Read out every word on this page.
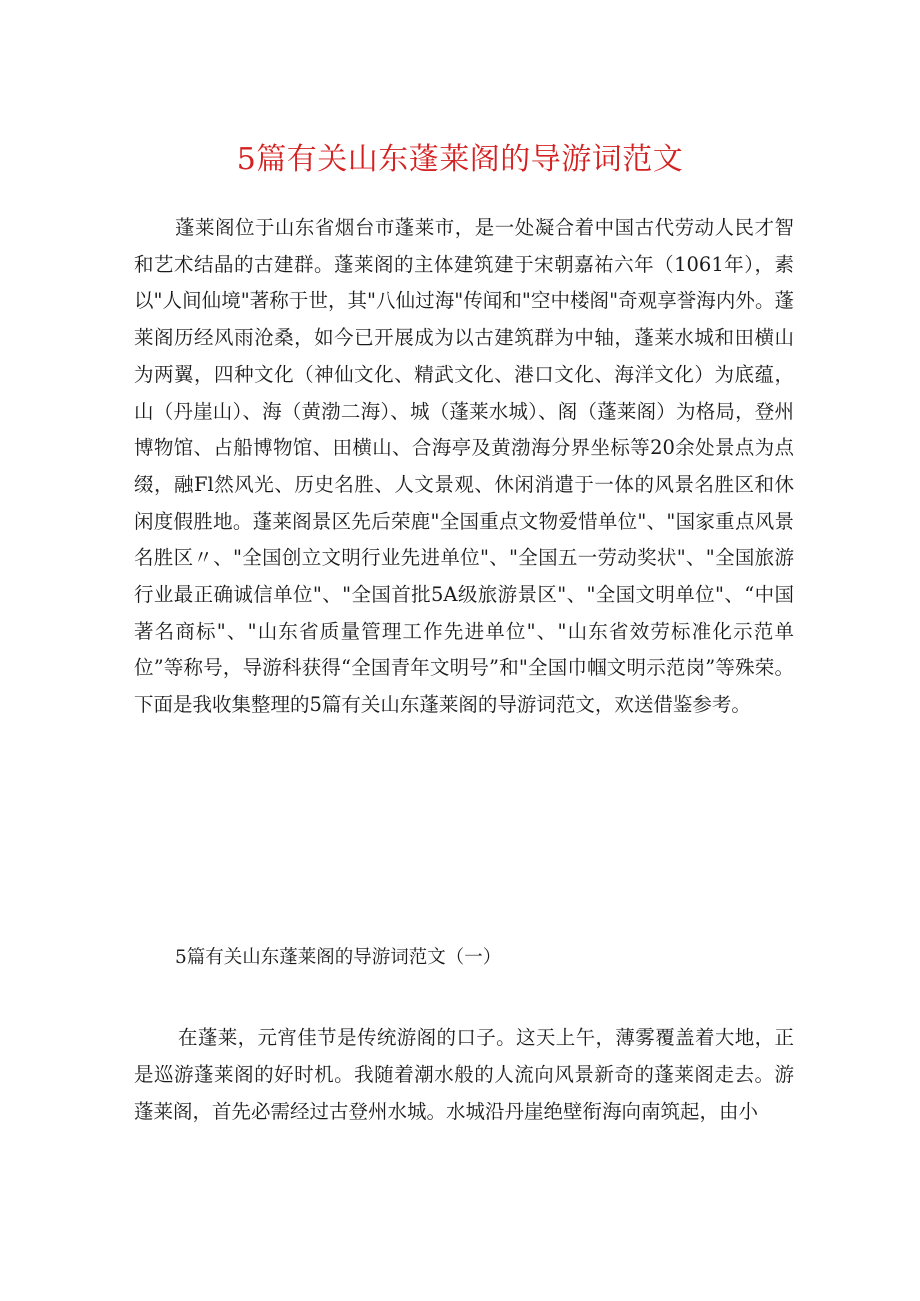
5篇有关山东蓬莱阁的导游词范文

蓬莱阁位于山东省烟台市蓬莱市，是一处凝合着中国古代劳动人民才智和艺术结晶的古建群。蓬莱阁的主体建筑建于宋朝嘉祐六年（1061年），素以"人间仙境"著称于世，其"八仙过海"传闻和"空中楼阁"奇观享誉海内外。蓬莱阁历经风雨沧桑，如今已开展成为以古建筑群为中轴，蓬莱水城和田横山为两翼，四种文化（神仙文化、精武文化、港口文化、海洋文化）为底蕴，山（丹崖山）、海（黄渤二海）、城（蓬莱水城）、阁（蓬莱阁）为格局，登州博物馆、占船博物馆、田横山、合海亭及黄渤海分界坐标等20余处景点为点缀，融Fl然风光、历史名胜、人文景观、休闲消遣于一体的风景名胜区和休闲度假胜地。蓬莱阁景区先后荣鹿"全国重点文物爱惜单位"、"国家重点风景名胜区〃、"全国创立文明行业先进单位"、"全国五一劳动奖状"、"全国旅游行业最正确诚信单位"、"全国首批5A级旅游景区"、"全国文明单位"、“中国著名商标"、"山东省质量管理工作先进单位"、"山东省效劳标准化示范单位”等称号，导游科获得“全国青年文明号”和"全国巾帼文明示范岗”等殊荣。下面是我收集整理的5篇有关山东蓬莱阁的导游词范文，欢送借鉴参考。

5篇有关山东蓬莱阁的导游词范文（一）

在蓬莱，元宵佳节是传统游阁的口子。这天上午，薄雾覆盖着大地，正是巡游蓬莱阁的好时机。我随着潮水般的人流向风景新奇的蓬莱阁走去。游蓬莱阁，首先必需经过古登州水城。水城沿丹崖绝壁衔海向南筑起，由小
